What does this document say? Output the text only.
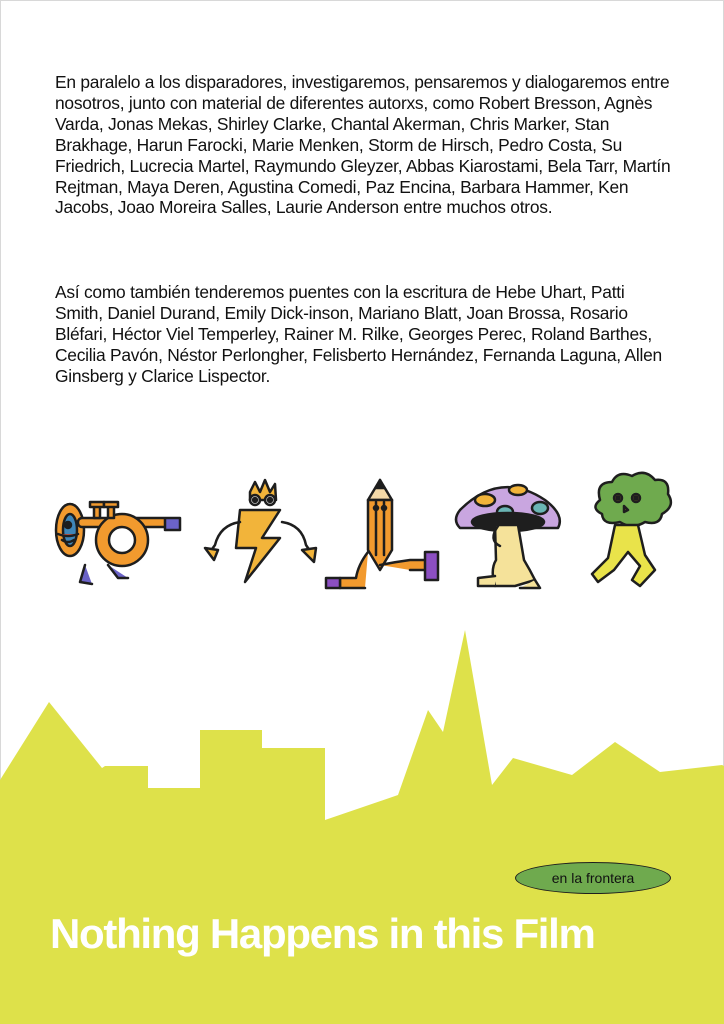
En paralelo a los disparadores, investigaremos, pensaremos y dialogaremos entre nosotros, junto con material de diferentes autorxs, como Robert Bresson, Agnès Varda, Jonas Mekas, Shirley Clarke, Chantal Akerman, Chris Marker, Stan Brakhage, Harun Farocki, Marie Menken, Storm de Hirsch, Pedro Costa, Su Friedrich, Lucrecia Martel, Raymundo Gleyzer, Abbas Kiarostami, Bela Tarr, Martín Rejtman, Maya Deren, Agustina Comedi, Paz Encina, Barbara Hammer, Ken Jacobs, Joao Moreira Salles, Laurie Anderson entre muchos otros.

Así como también tenderemos puentes con la escritura de Hebe Uhart, Patti Smith, Daniel Durand, Emily Dick-inson, Mariano Blatt, Joan Brossa, Rosario Bléfari, Héctor Viel Temperley, Rainer M. Rilke, Georges Perec, Roland Barthes, Cecilia Pavón, Néstor Perlongher, Felisberto Hernández, Fernanda Laguna, Allen Ginsberg y Clarice Lispector.

en la frontera
Nothing Happens in this Film
